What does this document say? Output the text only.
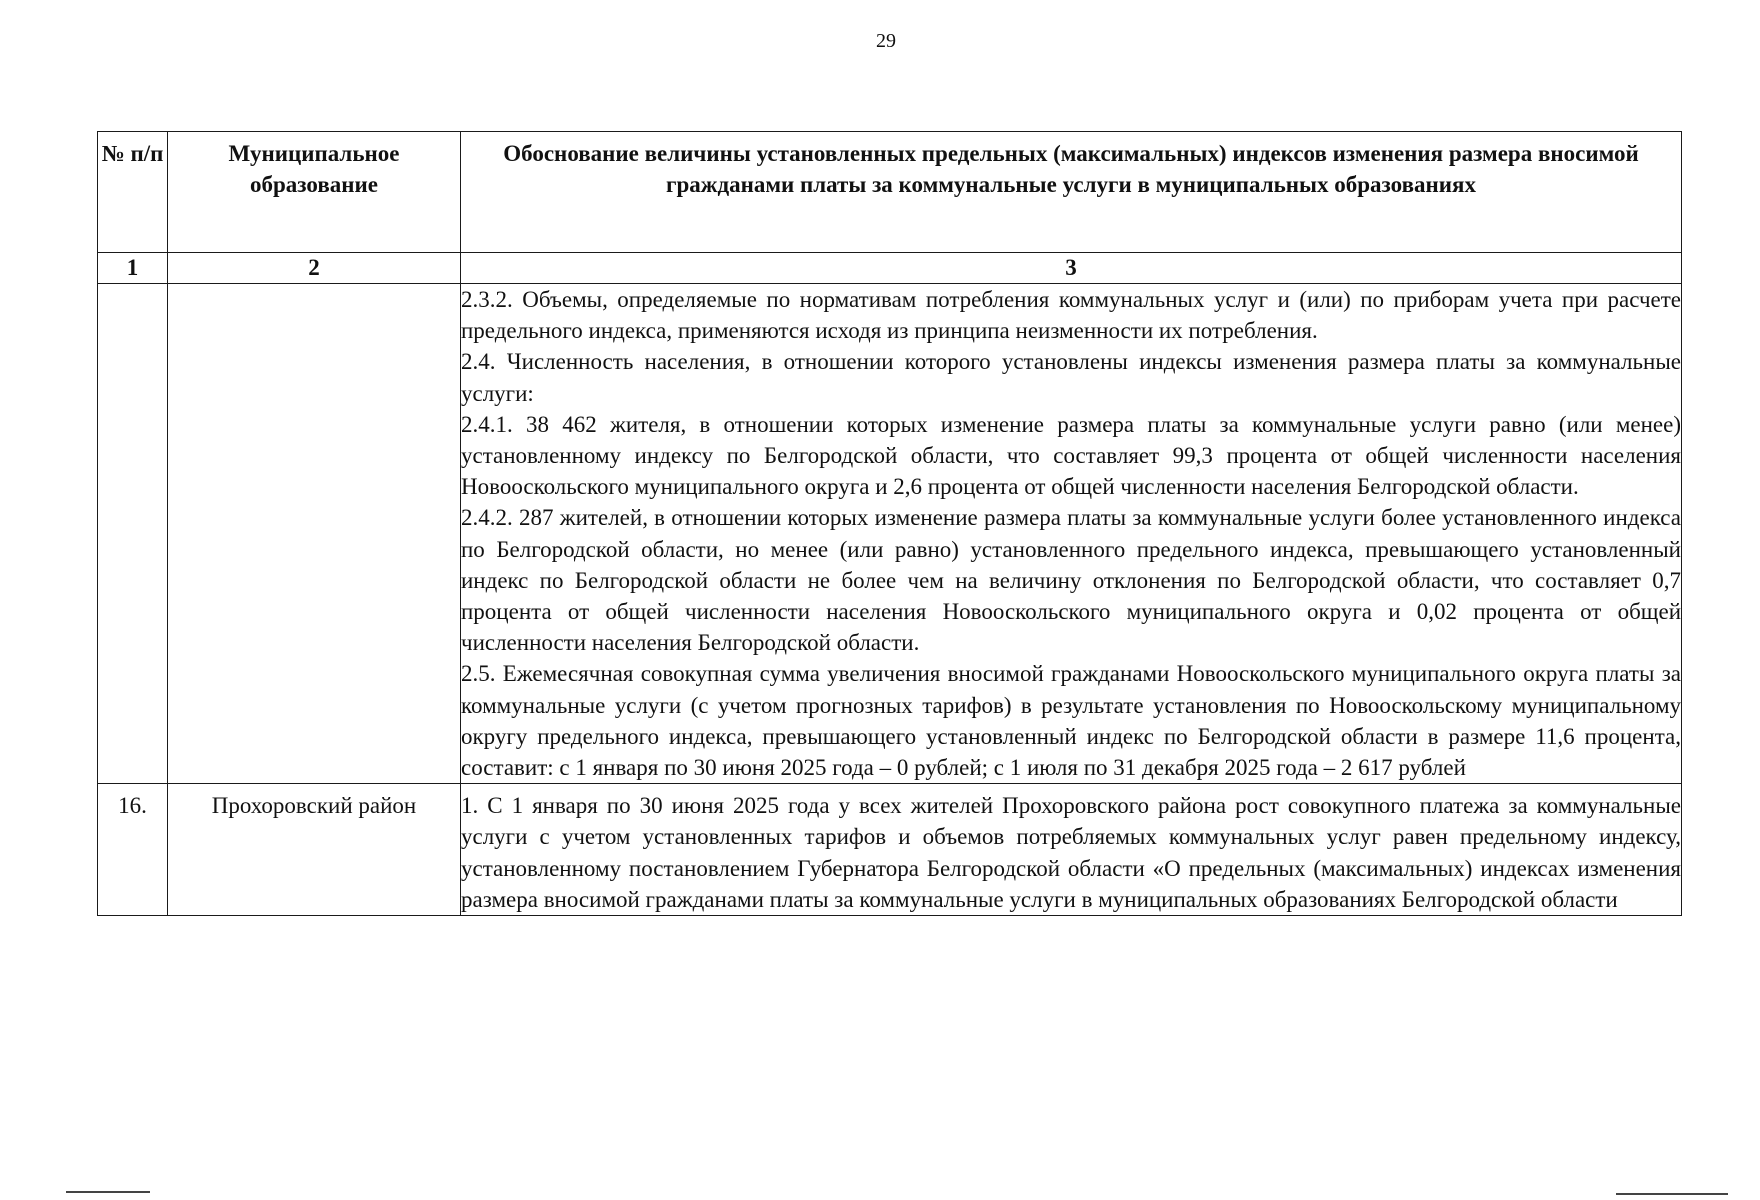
29
№ п/п	Муниципальное образование	Обоснование величины установленных предельных (максимальных) индексов изменения размера вносимой гражданами платы за коммунальные услуги в муниципальных образованиях
1	2	3

		2.3.2. Объемы, определяемые по нормативам потребления коммунальных услуг и (или) по приборам учета при расчете предельного индекса, применяются исходя из принципа неизменности их потребления.

2.4. Численность населения, в отношении которого установлены индексы изменения размера платы за коммунальные услуги:

2.4.1. 38 462 жителя, в отношении которых изменение размера платы за коммунальные услуги равно (или менее) установленному индексу по Белгородской области, что составляет 99,3 процента от общей численности населения Новооскольского муниципального округа и 2,6 процента от общей численности населения Белгородской области.

2.4.2. 287 жителей, в отношении которых изменение размера платы за коммунальные услуги более установленного индекса по Белгородской области, но менее (или равно) установленного предельного индекса, превышающего установленный индекс по Белгородской области не более чем на величину отклонения по Белгородской области, что составляет 0,7 процента от общей численности населения Новооскольского муниципального округа и 0,02 процента от общей численности населения Белгородской области.

2.5. Ежемесячная совокупная сумма увеличения вносимой гражданами Новооскольского муниципального округа платы за коммунальные услуги (с учетом прогнозных тарифов) в результате установления по Новооскольскому муниципальному округу предельного индекса, превышающего установленный индекс по Белгородской области в размере 11,6 процента, составит: с 1 января по 30 июня 2025 года – 0 рублей; с 1 июля по 31 декабря 2025 года – 2 617 рублей

16.	Прохоровский район	1. С 1 января по 30 июня 2025 года у всех жителей Прохоровского района рост совокупного платежа за коммунальные услуги с учетом установленных тарифов и объемов потребляемых коммунальных услуг равен предельному индексу, установленному постановлением Губернатора Белгородской области «О предельных (максимальных) индексах изменения размера вносимой гражданами платы за коммунальные услуги в муниципальных образованиях Белгородской области
